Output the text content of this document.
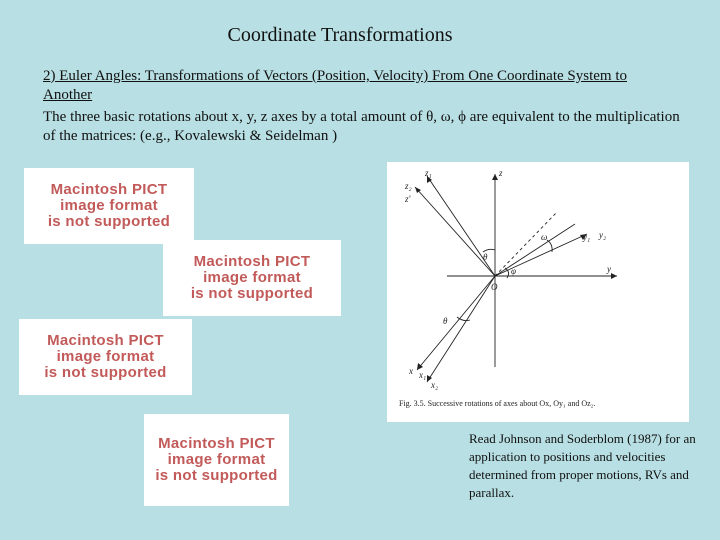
Coordinate Transformations
2) Euler Angles: Transformations of Vectors (Position, Velocity) From One Coordinate System to Another
The three basic rotations about x, y, z axes by a total amount of θ, ω, ϕ are equivalent to the multiplication of the matrices: (e.g., Kovalewski & Seidelman )
Macintosh PICT
image format
is not supported
Macintosh PICT
image format
is not supported
Macintosh PICT
image format
is not supported
Macintosh PICT
image format
is not supported
z
z₁
z₂
z'
y
y₁ y₂
x x₁
x₂
O
θ
φ
ω
θ
Fig. 3.5. Successive rotations of axes about Ox, Oy₁ and Oz₂.
Read Johnson and Soderblom (1987) for an application to positions and velocities determined from proper motions, RVs and parallax.
